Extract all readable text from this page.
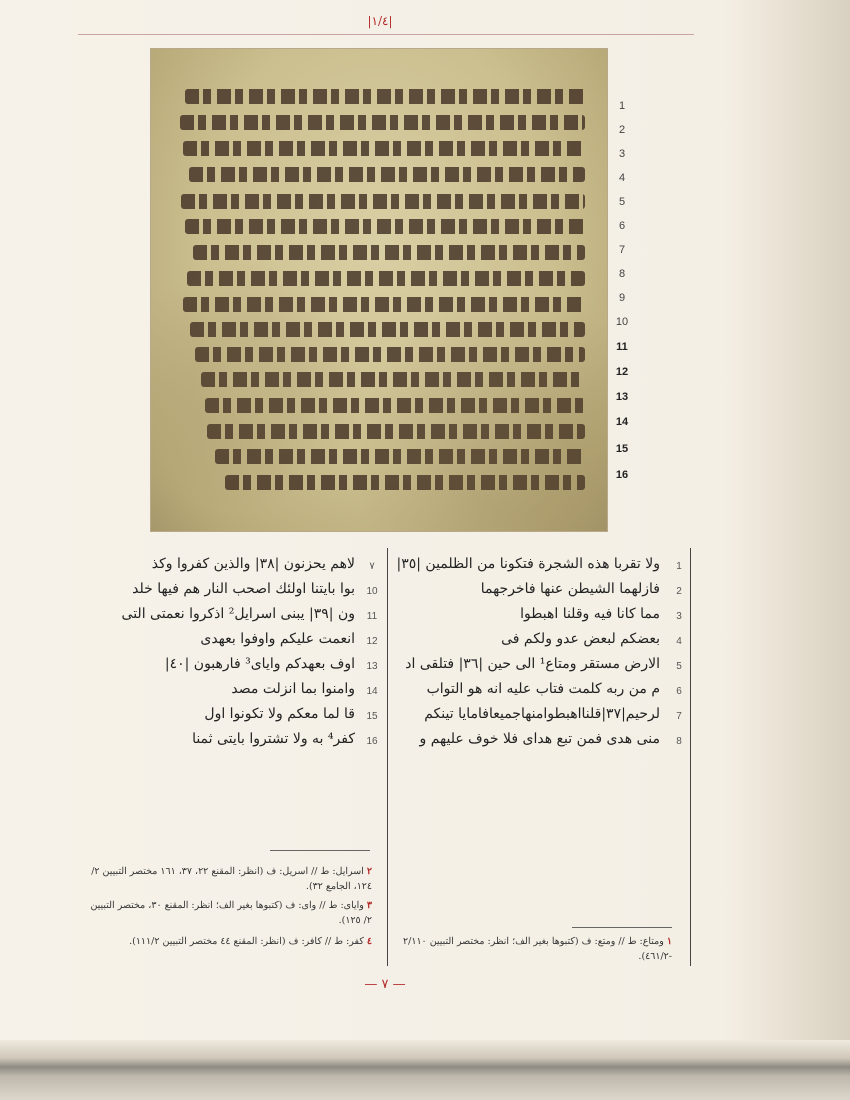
|١/٤|
1
2
3
4
5
6
7
8
9
10
11
12
13
14
15
16
1
ولا تقربا هذه الشجرة فتكونا من الظلمين |٣٥|
2
فازلهما الشيطن عنها فاخرجهما
3
مما كانا فيه وقلنا اهبطوا
4
بعضكم لبعض عدو ولكم فى
5
الارض مستقر ومتاع¹ الى حين |٣٦| فتلقى اد
6
م من ربه كلمت فتاب عليه انه هو التواب
7
لرحيم|٣٧|قلنااهبطوامنهاجميعافامايا تينكم
8
منى هدى فمن تبع هداى فلا خوف عليهم و
٧
لاهم يحزنون |٣٨| والذين كفروا وكذ
10
بوا بايتنا اولئك اصحب النار هم فيها خلد
11
ون |٣٩| يبنى اسرايل² اذكروا نعمتى التى
12
انعمت عليكم واوفوا بعهدى
13
اوف بعهدكم واياى³ فارهبون |٤٠|
14
وامنوا بما انزلت مصد
15
قا لما معكم ولا تكونوا اول
16
كفر⁴ به ولا تشتروا بايتى ثمنا
٢ اسرايل: ط // اسريل: ف (انظر: المقنع ٢٢، ٣٧، ١٦١ مختصر التبيين ٢/ ١٢٤، الجامع ٣٢).
٣ واياى: ط // واى: ف (كتبوها بغير الف؛ انظر: المقنع ٣٠، مختصر التبيين ٢/ ١٢٥).
٤ كفر: ط // كافر: ف (انظر: المقنع ٤٤ مختصر التبيين ١١١/٢).	١ ومتاع: ط // ومتع: ف (كتبوها بغير الف؛ انظر: مختصر التبيين ٢/١١٠ -٤٦١/٢).
— ٧ —
